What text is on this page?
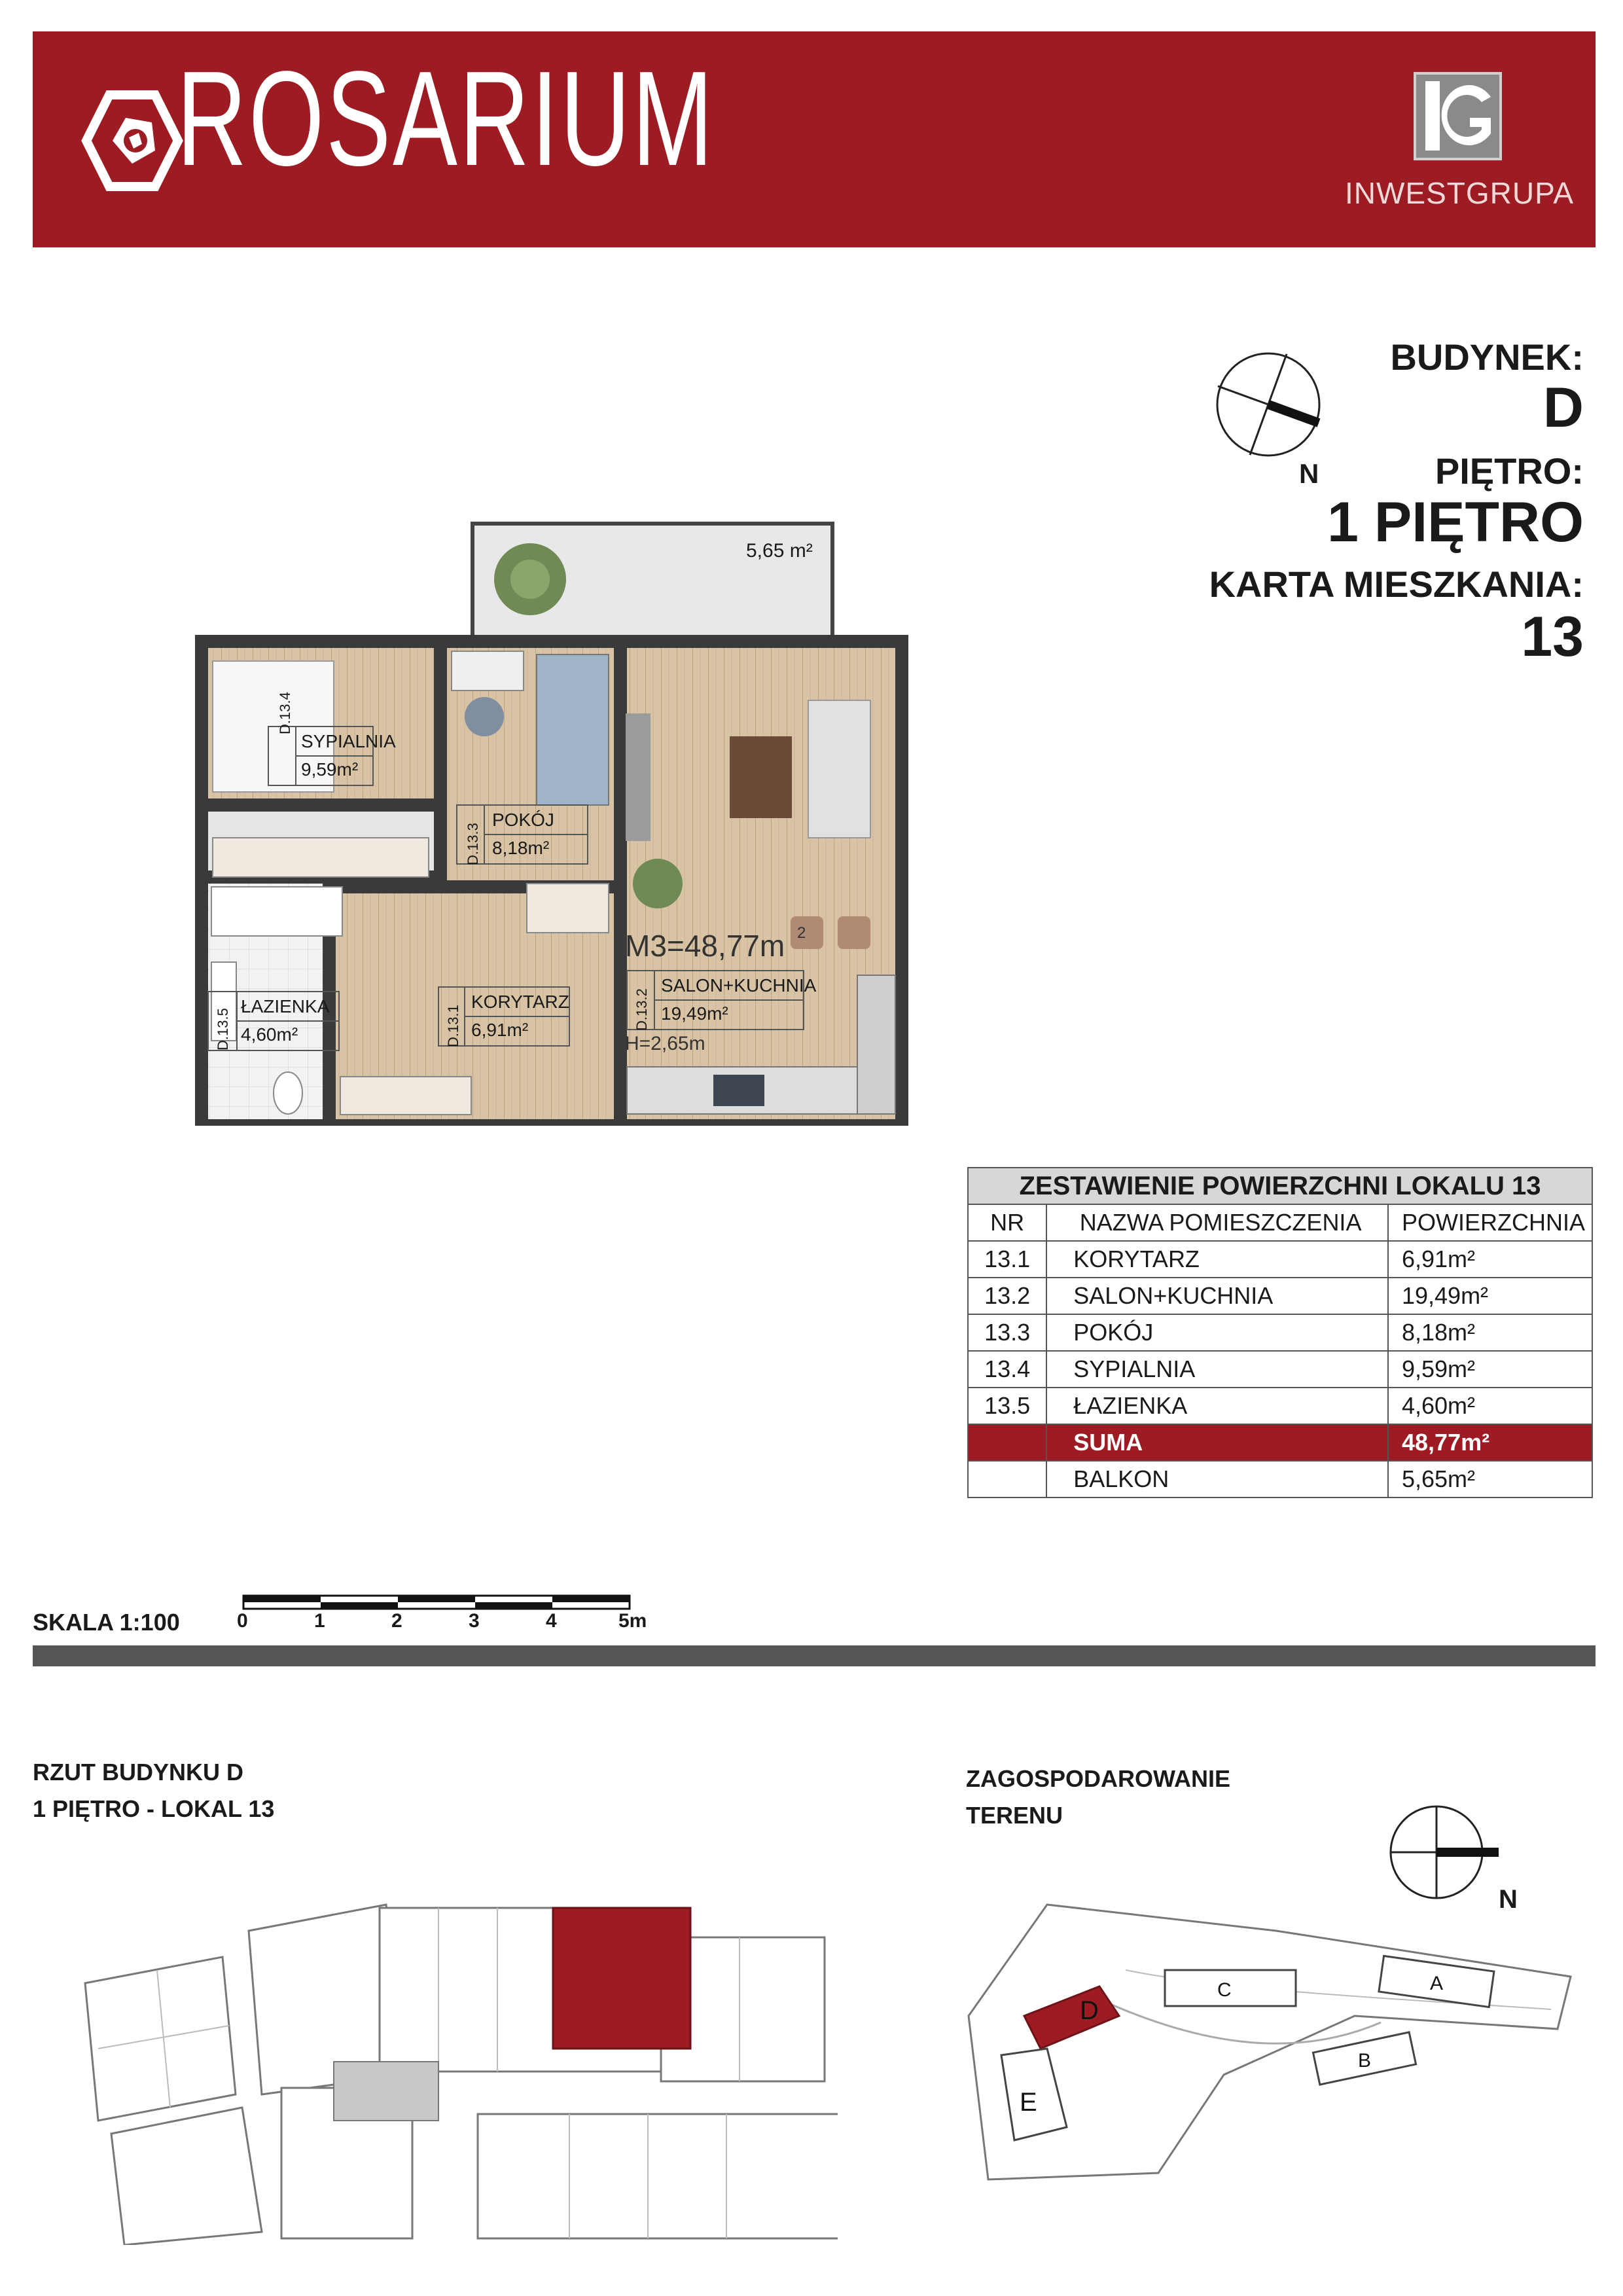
ROSARIUM	INWESTGRUPA
N
BUDYNEK:
D
PIĘTRO:
1 PIĘTRO
KARTA MIESZKANIA:
13
5,65 m²
M3=48,77m 2
H=2,65m
D.13.4
SYPIALNIA
9,59m²
D.13.3
POKÓJ
8,18m²
D.13.2
SALON+KUCHNIA
19,49m²
D.13.1
KORYTARZ
6,91m²
D.13.5
ŁAZIENKA
4,60m²
ZESTAWIENIE POWIERZCHNI LOKALU 13		
NR	NAZWA POMIESZCZENIA	POWIERZCHNIA
13.1	KORYTARZ	6,91m²
13.2	SALON+KUCHNIA	19,49m²
13.3	POKÓJ	8,18m²
13.4	SYPIALNIA	9,59m²
13.5	ŁAZIENKA	4,60m²
	SUMA	48,77m²
	BALKON	5,65m²
SKALA 1:100	0	1	2	3	4	5m
RZUT BUDYNKU D
1 PIĘTRO - LOKAL 13
ZAGOSPODAROWANIE
TERENU
N
D
C	A
B
E
